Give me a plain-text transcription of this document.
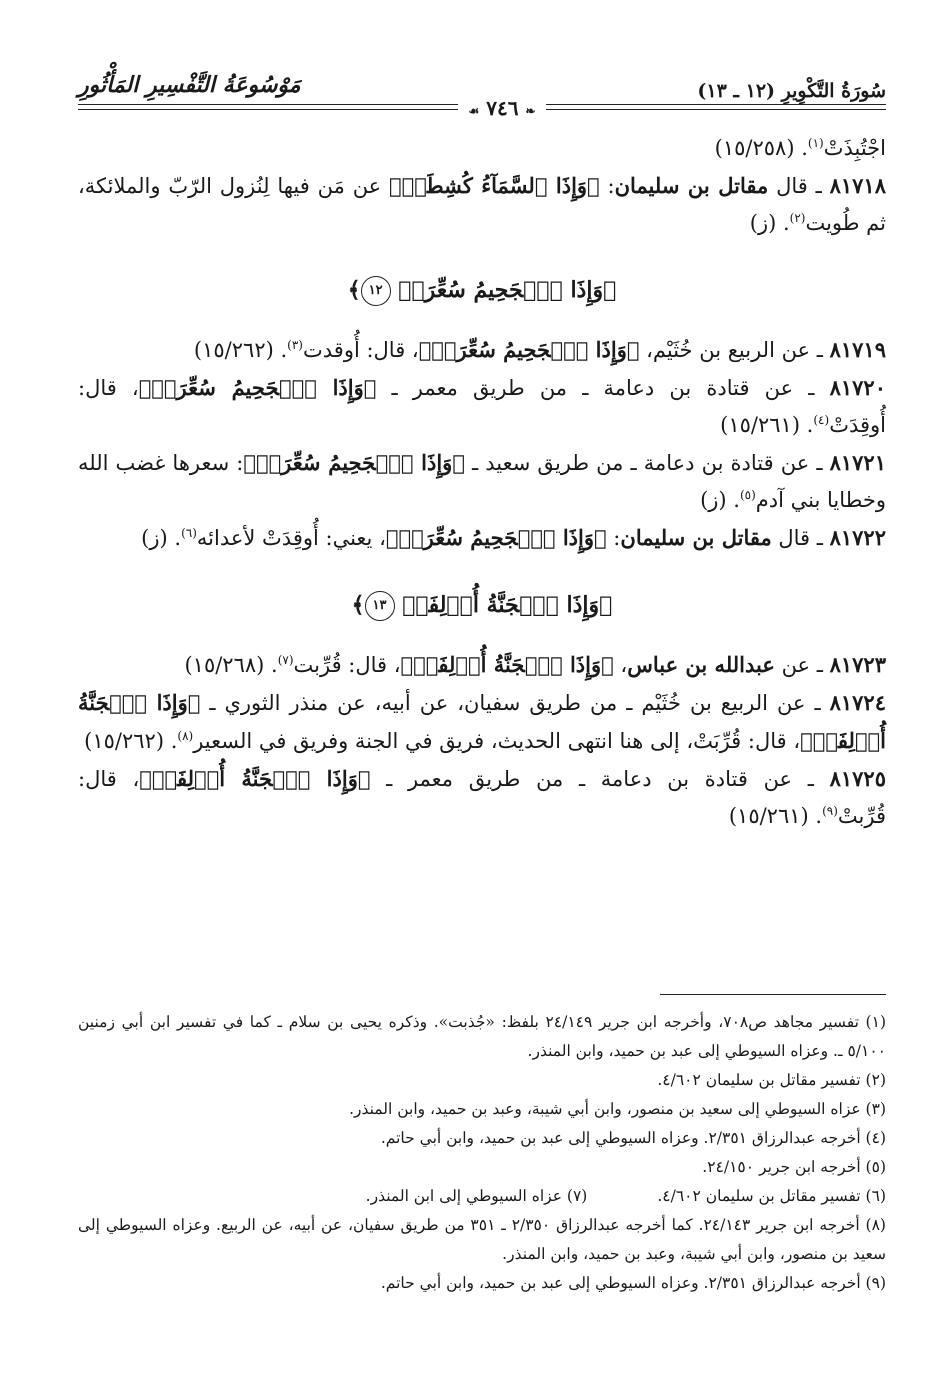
سُورَةُ التَّكْوِيرِ (١٢ ـ ١٣)
مَوْسُوعَةُ التَّفْسِيرِ المَأْثُورِ
❧ ٧٤٦ ☙

اجْتُبِذَتْ$^{(١)}$. (١٥/٢٥٨)

٨١٧١٨ ـ قال مقاتل بن سليمان: ﴿وَإِذَا ٱلسَّمَآءُ كُشِطَتۡ﴾ عن مَن فيها لِنُزول الرّبّ والملائكة، ثم طُويت$^{(٢)}$. (ز)

﴿وَإِذَا ٱلۡجَحِيمُ سُعِّرَتۡ ١٢﴾

٨١٧١٩ ـ عن الربيع بن خُثَيْم، ﴿وَإِذَا ٱلۡجَحِيمُ سُعِّرَتۡ﴾، قال: أُوقدت$^{(٣)}$. (١٥/٢٦٢)

٨١٧٢٠ ـ عن قتادة بن دعامة ـ من طريق معمر ـ ﴿وَإِذَا ٱلۡجَحِيمُ سُعِّرَتۡ﴾، قال: أُوقِدَتْ$^{(٤)}$. (١٥/٢٦١)

٨١٧٢١ ـ عن قتادة بن دعامة ـ من طريق سعيد ـ ﴿وَإِذَا ٱلۡجَحِيمُ سُعِّرَتۡ﴾: سعرها غضب الله وخطايا بني آدم$^{(٥)}$. (ز)

٨١٧٢٢ ـ قال مقاتل بن سليمان: ﴿وَإِذَا ٱلۡجَحِيمُ سُعِّرَتۡ﴾، يعني: أُوقِدَتْ لأعدائه$^{(٦)}$. (ز)

﴿وَإِذَا ٱلۡجَنَّةُ أُزۡلِفَتۡ ١٣﴾

٨١٧٢٣ ـ عن عبدالله بن عباس، ﴿وَإِذَا ٱلۡجَنَّةُ أُزۡلِفَتۡ﴾، قال: قُرِّبت$^{(٧)}$. (١٥/٢٦٨)

٨١٧٢٤ ـ عن الربيع بن خُثَيْم ـ من طريق سفيان، عن أبيه، عن منذر الثوري ـ ﴿وَإِذَا ٱلۡجَنَّةُ أُزۡلِفَتۡ﴾، قال: قُرِّبَتْ، إلى هنا انتهى الحديث، فريق في الجنة وفريق في السعير$^{(٨)}$. (١٥/٢٦٢)

٨١٧٢٥ ـ عن قتادة بن دعامة ـ من طريق معمر ـ ﴿وَإِذَا ٱلۡجَنَّةُ أُزۡلِفَتۡ﴾، قال: قُرِّبتْ$^{(٩)}$. (١٥/٢٦١)

(١) تفسير مجاهد ص٧٠٨، وأخرجه ابن جرير ٢٤/١٤٩ بلفظ: «جُذبت». وذكره يحيى بن سلام ـ كما في تفسير ابن أبي زمنين ٥/١٠٠ ـ. وعزاه السيوطي إلى عبد بن حميد، وابن المنذر.

(٢) تفسير مقاتل بن سليمان ٤/٦٠٢.

(٣) عزاه السيوطي إلى سعيد بن منصور، وابن أبي شيبة، وعبد بن حميد، وابن المنذر.

(٤) أخرجه عبدالرزاق ٢/٣٥١. وعزاه السيوطي إلى عبد بن حميد، وابن أبي حاتم.

(٥) أخرجه ابن جرير ٢٤/١٥٠.

(٦) تفسير مقاتل بن سليمان ٤/٦٠٢.
(٧) عزاه السيوطي إلى ابن المنذر.

(٨) أخرجه ابن جرير ٢٤/١٤٣. كما أخرجه عبدالرزاق ٢/٣٥٠ ـ ٣٥١ من طريق سفيان، عن أبيه، عن الربيع. وعزاه السيوطي إلى سعيد بن منصور، وابن أبي شيبة، وعبد بن حميد، وابن المنذر.

(٩) أخرجه عبدالرزاق ٢/٣٥١. وعزاه السيوطي إلى عبد بن حميد، وابن أبي حاتم.
